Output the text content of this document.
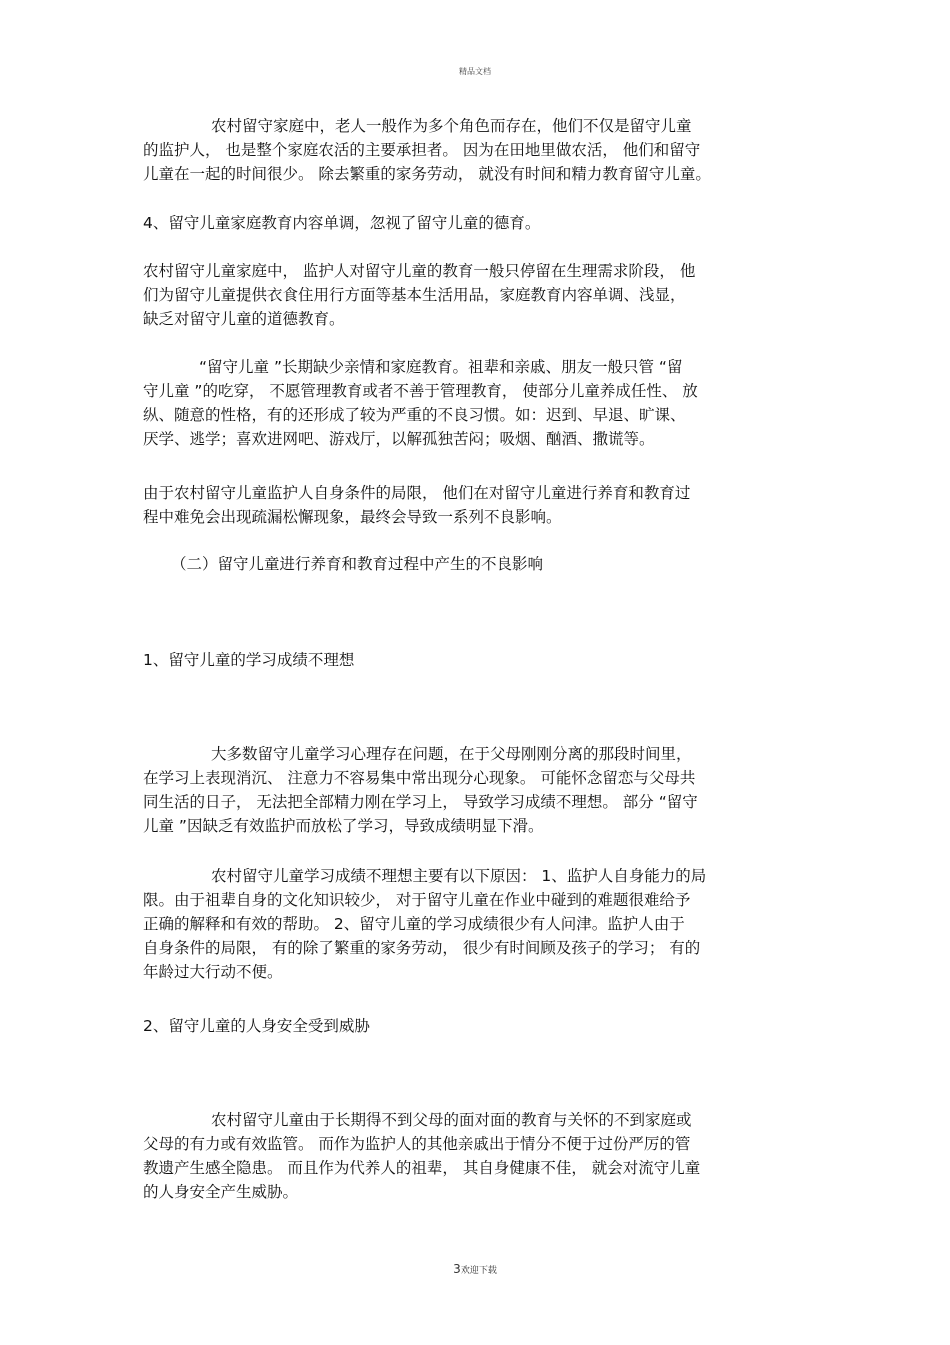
精品文档
农村留守家庭中，老人一般作为多个角色而存在，他们不仅是留守儿童
的监护人， 也是整个家庭农活的主要承担者。 因为在田地里做农活， 他们和留守
儿童在一起的时间很少。 除去繁重的家务劳动， 就没有时间和精力教育留守儿童。
4、留守儿童家庭教育内容单调，忽视了留守儿童的德育。
农村留守儿童家庭中， 监护人对留守儿童的教育一般只停留在生理需求阶段， 他
们为留守儿童提供衣食住用行方面等基本生活用品，家庭教育内容单调、浅显，
缺乏对留守儿童的道德教育。
“留守儿童 ”长期缺少亲情和家庭教育。祖辈和亲戚、朋友一般只管 “留
守儿童 ”的吃穿， 不愿管理教育或者不善于管理教育， 使部分儿童养成任性、 放
纵、随意的性格，有的还形成了较为严重的不良习惯。如：迟到、早退、旷课、
厌学、逃学；喜欢进网吧、游戏厅，以解孤独苦闷；吸烟、酗酒、撒谎等。
由于农村留守儿童监护人自身条件的局限， 他们在对留守儿童进行养育和教育过
程中难免会出现疏漏松懈现象，最终会导致一系列不良影响。
（二）留守儿童进行养育和教育过程中产生的不良影响
1、留守儿童的学习成绩不理想
大多数留守儿童学习心理存在问题，在于父母刚刚分离的那段时间里，
在学习上表现消沉、 注意力不容易集中常出现分心现象。 可能怀念留恋与父母共
同生活的日子， 无法把全部精力刚在学习上， 导致学习成绩不理想。 部分 “留守
儿童 ”因缺乏有效监护而放松了学习，导致成绩明显下滑。
农村留守儿童学习成绩不理想主要有以下原因： 1、监护人自身能力的局
限。由于祖辈自身的文化知识较少， 对于留守儿童在作业中碰到的难题很难给予
正确的解释和有效的帮助。 2、留守儿童的学习成绩很少有人问津。监护人由于
自身条件的局限， 有的除了繁重的家务劳动， 很少有时间顾及孩子的学习； 有的
年龄过大行动不便。
2、留守儿童的人身安全受到威胁
农村留守儿童由于长期得不到父母的面对面的教育与关怀的不到家庭或
父母的有力或有效监管。 而作为监护人的其他亲戚出于情分不便于过份严厉的管
教遗产生感全隐患。 而且作为代养人的祖辈， 其自身健康不佳， 就会对流守儿童
的人身安全产生威胁。
3欢迎下载
